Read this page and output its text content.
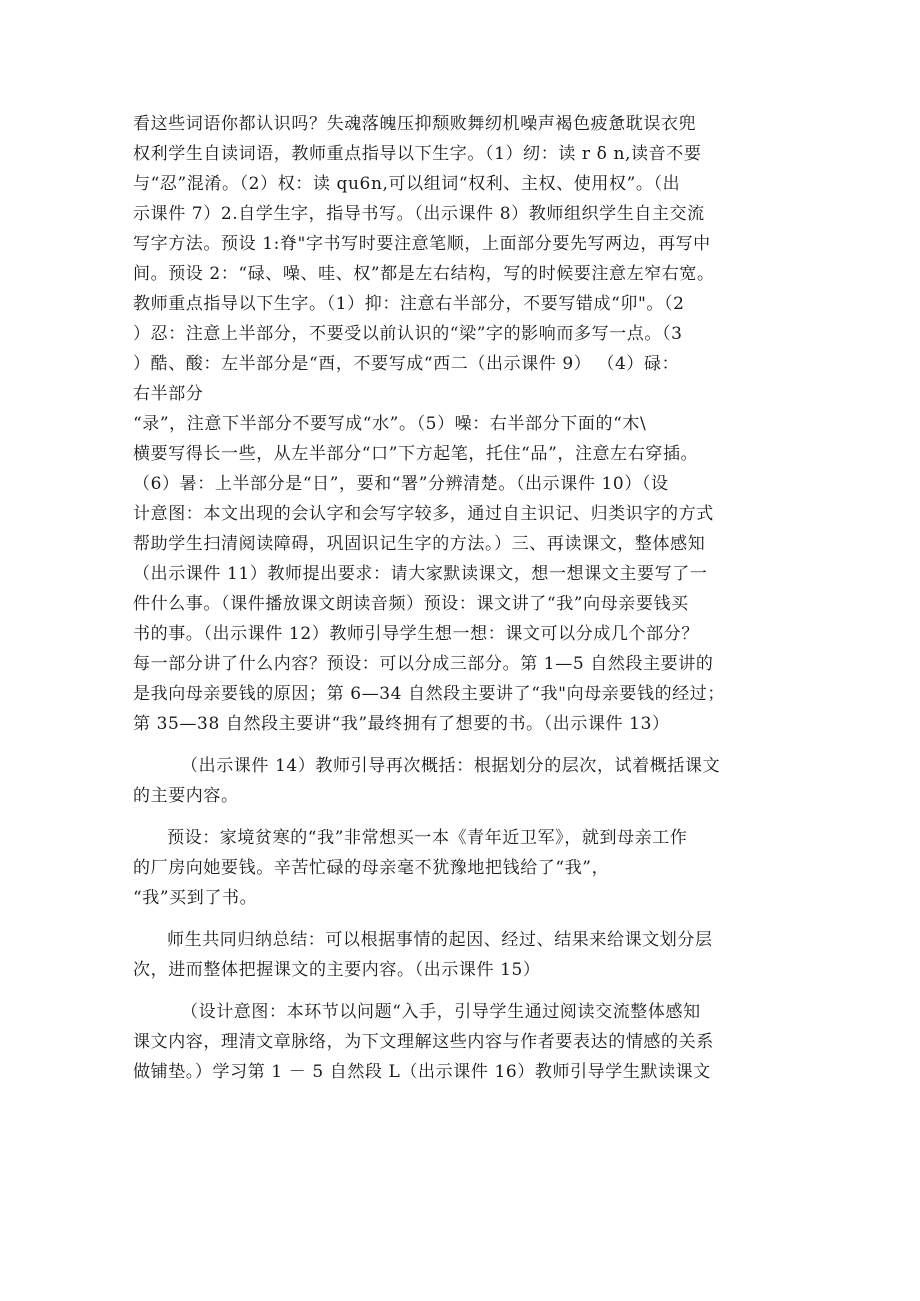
看这些词语你都认识吗？失魂落魄压抑颓败舞纫机噪声褐色疲惫耽误衣兜
权利学生自读词语，教师重点指导以下生字。（1）纫：读 r δ n,读音不要
与“忍”混淆。（2）权：读 qu6n,可以组词“权利、主权、使用权”。（出
示课件 7）2.自学生字，指导书写。（出示课件 8）教师组织学生自主交流
写字方法。预设 1:脊"字书写时要注意笔顺，上面部分要先写两边，再写中
间。预设 2：“碌、噪、哇、权”都是左右结构，写的时候要注意左窄右宽。
教师重点指导以下生字。（1）抑：注意右半部分，不要写错成“卯"。（2
）忍：注意上半部分，不要受以前认识的“梁”字的影响而多写一点。（3
）酷、酸：左半部分是“酉，不要写成“西二（出示课件 9） （4）碌：
右半部分
“录”，注意下半部分不要写成“水”。（5）噪：右半部分下面的“木\
横要写得长一些，从左半部分“口”下方起笔，托住“品”，注意左右穿插。
（6）暑：上半部分是“日”，要和“署”分辨清楚。（出示课件 10）（设
计意图：本文出现的会认字和会写字较多，通过自主识记、归类识字的方式
帮助学生扫清阅读障碍，巩固识记生字的方法。）三、再读课文，整体感知
（出示课件 11）教师提出要求：请大家默读课文，想一想课文主要写了一
件什么事。（课件播放课文朗读音频）预设：课文讲了“我”向母亲要钱买
书的事。（出示课件 12）教师引导学生想一想：课文可以分成几个部分？
每一部分讲了什么内容？预设：可以分成三部分。第 1—5 自然段主要讲的
是我向母亲要钱的原因；第 6—34 自然段主要讲了“我"向母亲要钱的经过；
第 35—38 自然段主要讲“我”最终拥有了想要的书。（出示课件 13）
（出示课件 14）教师引导再次概括：根据划分的层次，试着概括课文
的主要内容。
预设：家境贫寒的“我”非常想买一本《青年近卫军》，就到母亲工作
的厂房向她要钱。辛苦忙碌的母亲毫不犹豫地把钱给了“我”，
“我”买到了书。
师生共同归纳总结：可以根据事情的起因、经过、结果来给课文划分层
次，进而整体把握课文的主要内容。（出示课件 15）
（设计意图：本环节以问题“入手，引导学生通过阅读交流整体感知
课文内容，理清文章脉络，为下文理解这些内容与作者要表达的情感的关系
做铺垫。）学习第 1 － 5 自然段 L（出示课件 16）教师引导学生默读课文
